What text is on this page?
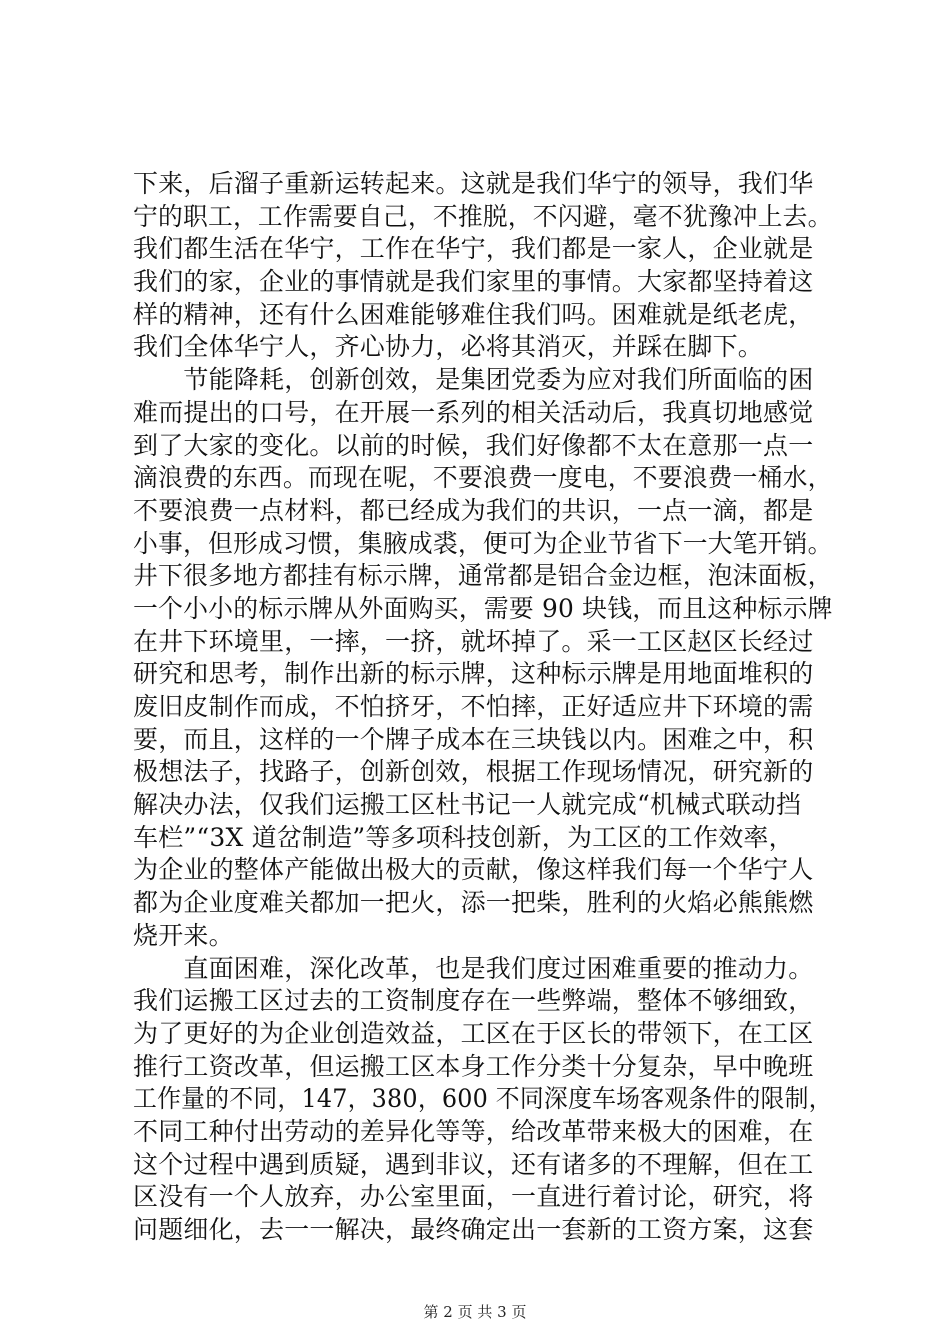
下来，后溜子重新运转起来。这就是我们华宁的领导，我们华
宁的职工，工作需要自己，不推脱，不闪避，毫不犹豫冲上去。
我们都生活在华宁，工作在华宁，我们都是一家人，企业就是
我们的家，企业的事情就是我们家里的事情。大家都坚持着这
样的精神，还有什么困难能够难住我们吗。困难就是纸老虎，
我们全体华宁人，齐心协力，必将其消灭，并踩在脚下。
　　节能降耗，创新创效，是集团党委为应对我们所面临的困
难而提出的口号，在开展一系列的相关活动后，我真切地感觉
到了大家的变化。以前的时候，我们好像都不太在意那一点一
滴浪费的东西。而现在呢，不要浪费一度电，不要浪费一桶水，
不要浪费一点材料，都已经成为我们的共识，一点一滴，都是
小事，但形成习惯，集腋成裘，便可为企业节省下一大笔开销。
井下很多地方都挂有标示牌，通常都是铝合金边框，泡沫面板，
一个小小的标示牌从外面购买，需要 90 块钱，而且这种标示牌
在井下环境里，一摔，一挤，就坏掉了。采一工区赵区长经过
研究和思考，制作出新的标示牌，这种标示牌是用地面堆积的
废旧皮制作而成，不怕挤牙，不怕摔，正好适应井下环境的需
要，而且，这样的一个牌子成本在三块钱以内。困难之中，积
极想法子，找路子，创新创效，根据工作现场情况，研究新的
解决办法，仅我们运搬工区杜书记一人就完成“机械式联动挡
车栏”“3X 道岔制造”等多项科技创新，为工区的工作效率，
为企业的整体产能做出极大的贡献，像这样我们每一个华宁人
都为企业度难关都加一把火，添一把柴，胜利的火焰必熊熊燃
烧开来。
　　直面困难，深化改革，也是我们度过困难重要的推动力。
我们运搬工区过去的工资制度存在一些弊端，整体不够细致，
为了更好的为企业创造效益，工区在于区长的带领下，在工区
推行工资改革，但运搬工区本身工作分类十分复杂，早中晚班
工作量的不同，147，380，600 不同深度车场客观条件的限制，
不同工种付出劳动的差异化等等，给改革带来极大的困难，在
这个过程中遇到质疑，遇到非议，还有诸多的不理解，但在工
区没有一个人放弃，办公室里面，一直进行着讨论，研究，将
问题细化，去一一解决，最终确定出一套新的工资方案，这套
第 2 页 共 3 页
